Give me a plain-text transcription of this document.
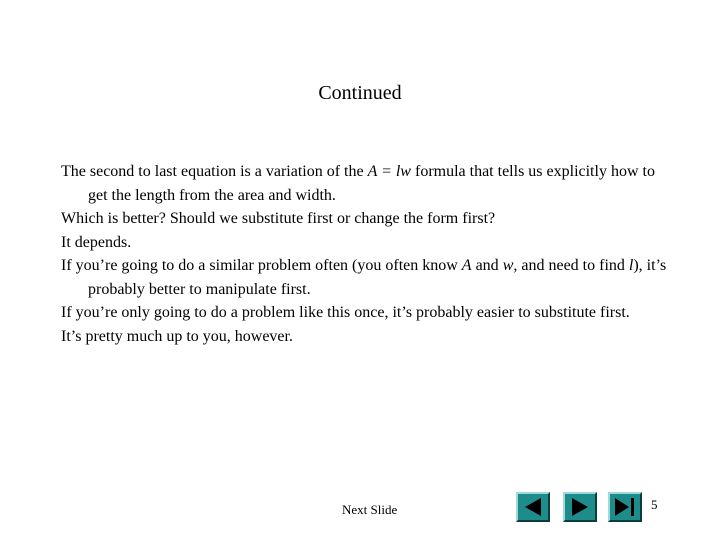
Continued

The second to last equation is a variation of the A = lw formula that tells us explicitly how to get the length from the area and width.

Which is better? Should we substitute first or change the form first?

It depends.

If you’re going to do a similar problem often (you often know A and w, and need to find l), it’s probably better to manipulate first.

If you’re only going to do a problem like this once, it’s probably easier to substitute first.

It’s pretty much up to you, however.

Next Slide	5
